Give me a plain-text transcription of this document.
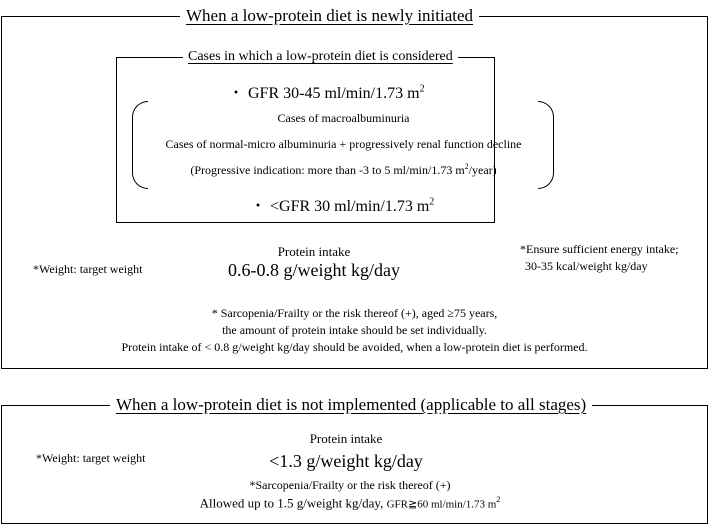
When a low-protein diet is newly initiated
Cases in which a low-protein diet is considered
・ GFR 30-45 ml/min/1.73 $m^2$
Cases of macroalbuminuria
Cases of normal-micro albuminuria + progressively renal function decline
(Progressive indication: more than -3 to 5 ml/min/1.73 $m^2/year$)
・ <GFR 30 ml/min/1.73 $m^2$
Protein intake
0.6-0.8 g/weight kg/day
*Weight: target weight
*Ensure sufficient energy intake;
30-35 kcal/weight kg/day
* Sarcopenia/Frailty or the risk thereof (+), aged ≥75 years,
the amount of protein intake should be set individually.
Protein intake of < 0.8 g/weight kg/day should be avoided, when a low-protein diet is performed.
When a low-protein diet is not implemented (applicable to all stages)
Protein intake
<1.3 g/weight kg/day
*Weight: target weight
*Sarcopenia/Frailty or the risk thereof (+)
Allowed up to 1.5 g/weight kg/day, GFR≧60 ml/min/1.73 $m^2$
